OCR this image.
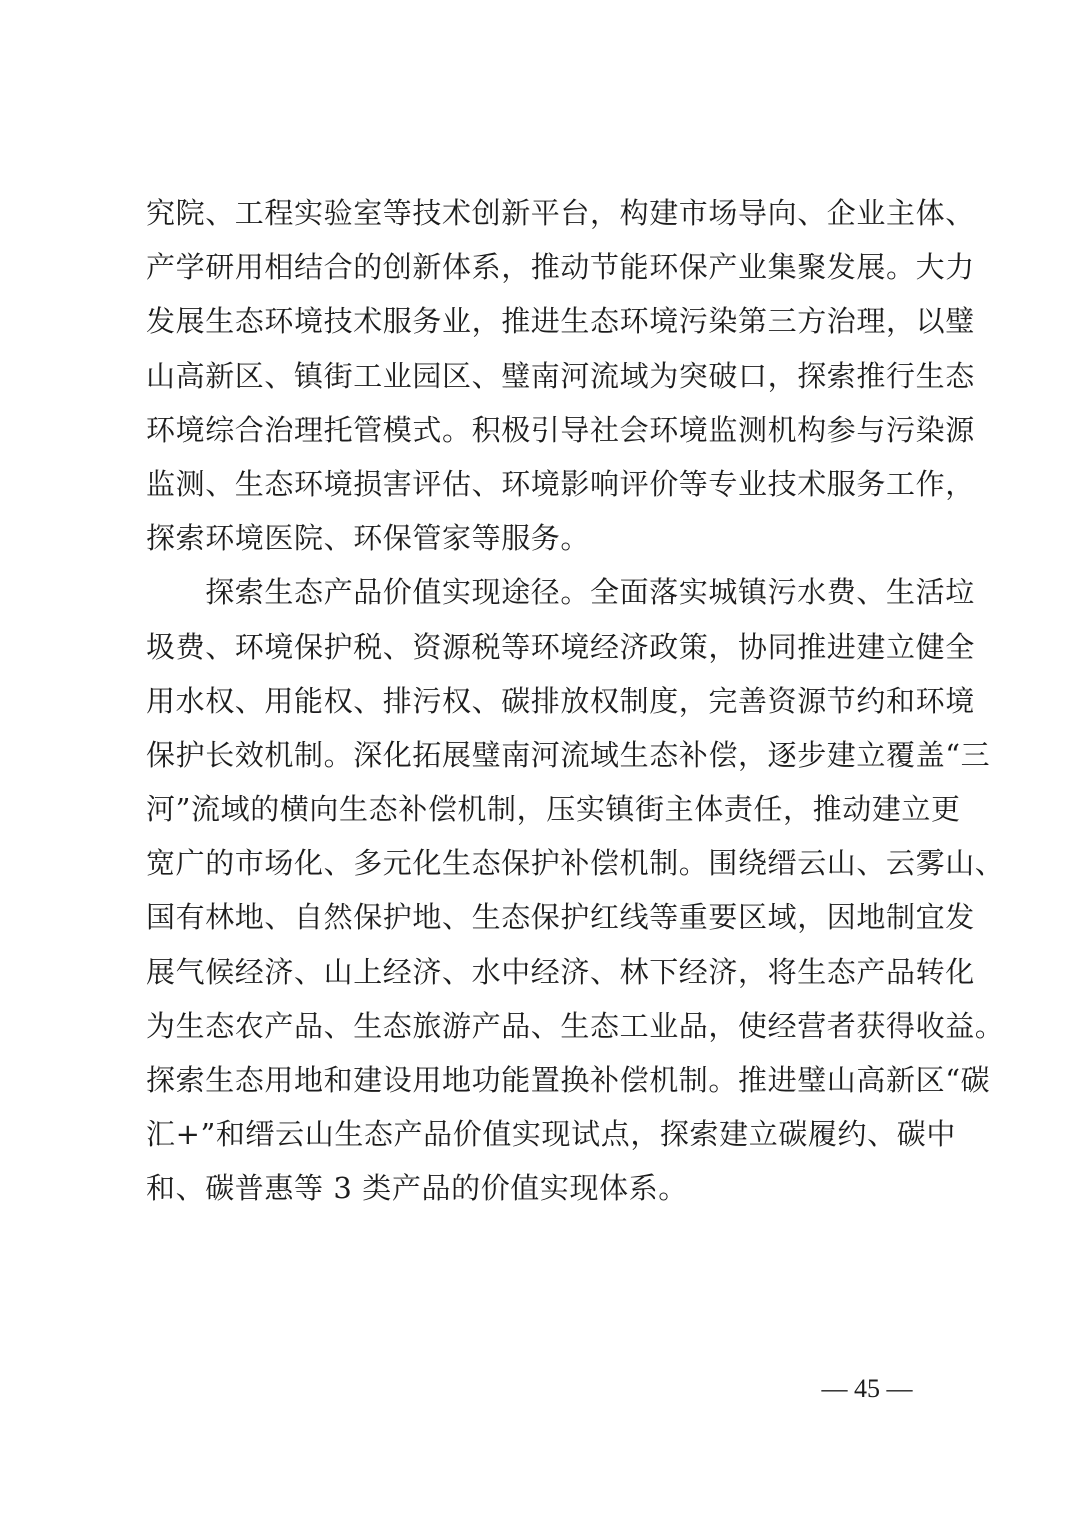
究院、工程实验室等技术创新平台，构建市场导向、企业主体、
产学研用相结合的创新体系，推动节能环保产业集聚发展。大力
发展生态环境技术服务业，推进生态环境污染第三方治理，以璧
山高新区、镇街工业园区、璧南河流域为突破口，探索推行生态
环境综合治理托管模式。积极引导社会环境监测机构参与污染源
监测、生态环境损害评估、环境影响评价等专业技术服务工作，
探索环境医院、环保管家等服务。
　　探索生态产品价值实现途径。全面落实城镇污水费、生活垃
圾费、环境保护税、资源税等环境经济政策，协同推进建立健全
用水权、用能权、排污权、碳排放权制度，完善资源节约和环境
保护长效机制。深化拓展璧南河流域生态补偿，逐步建立覆盖“三
河”流域的横向生态补偿机制，压实镇街主体责任，推动建立更
宽广的市场化、多元化生态保护补偿机制。围绕缙云山、云雾山、
国有林地、自然保护地、生态保护红线等重要区域，因地制宜发
展气候经济、山上经济、水中经济、林下经济，将生态产品转化
为生态农产品、生态旅游产品、生态工业品，使经营者获得收益。
探索生态用地和建设用地功能置换补偿机制。推进璧山高新区“碳
汇+”和缙云山生态产品价值实现试点，探索建立碳履约、碳中
和、碳普惠等 3 类产品的价值实现体系。
— 45 —
